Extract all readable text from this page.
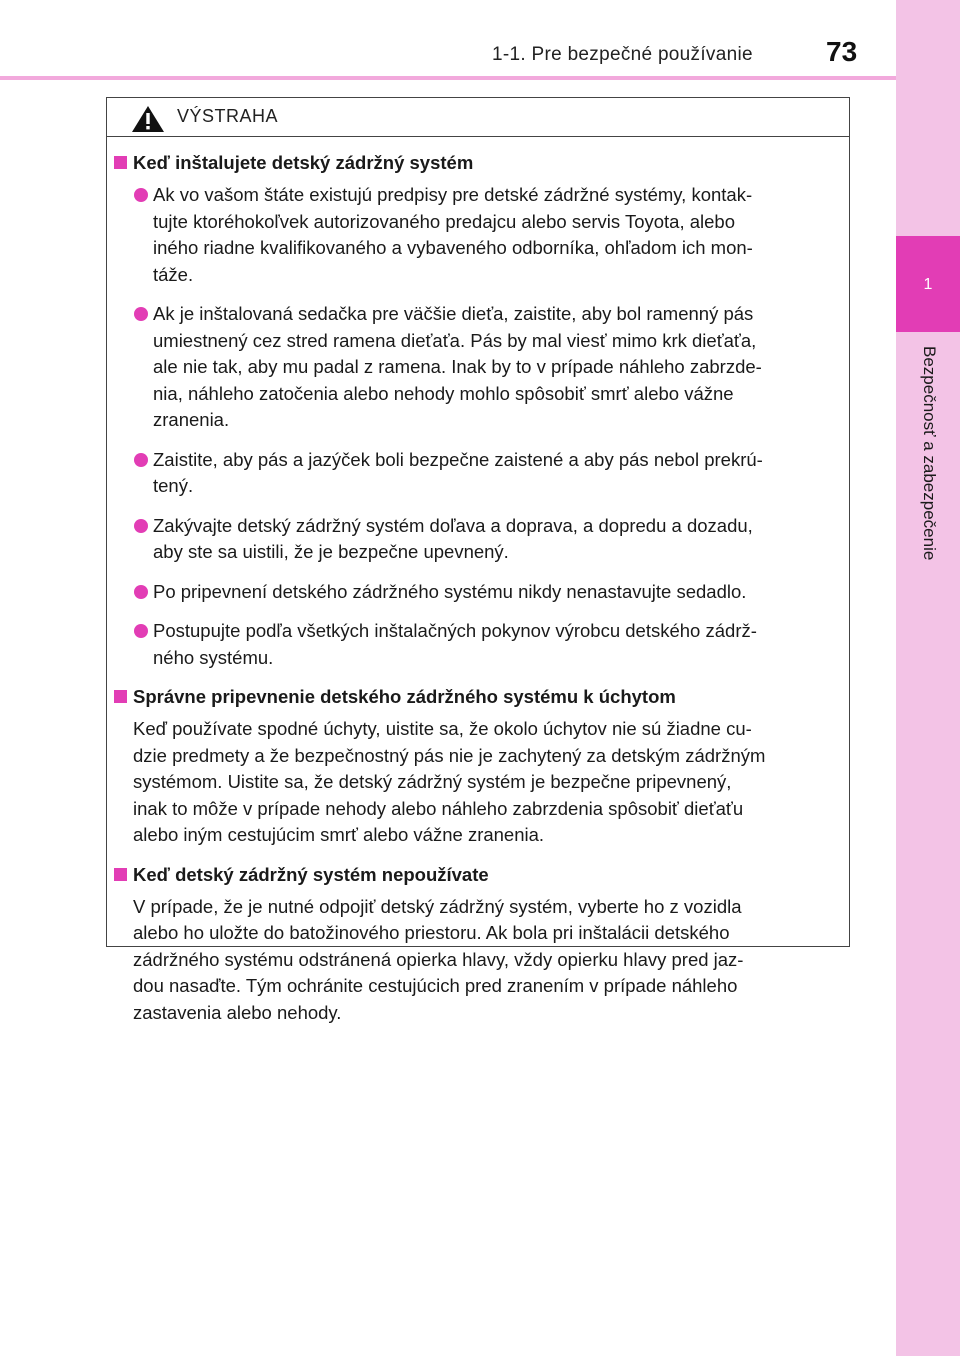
1
Bezpečnosť a zabezpečenie
1-1. Pre bezpečné používanie	73
VÝSTRAHA
Keď inštalujete detský zádržný systém
Ak vo vašom štáte existujú predpisy pre detské zádržné systémy, kontak-
tujte ktoréhokoľvek autorizovaného predajcu alebo servis Toyota, alebo
iného riadne kvalifikovaného a vybaveného odborníka, ohľadom ich mon-
táže.
Ak je inštalovaná sedačka pre väčšie dieťa, zaistite, aby bol ramenný pás
umiestnený cez stred ramena dieťaťa. Pás by mal viesť mimo krk dieťaťa,
ale nie tak, aby mu padal z ramena. Inak by to v prípade náhleho zabrzde-
nia, náhleho zatočenia alebo nehody mohlo spôsobiť smrť alebo vážne
zranenia.
Zaistite, aby pás a jazýček boli bezpečne zaistené a aby pás nebol prekrú-
tený.
Zakývajte detský zádržný systém doľava a doprava, a dopredu a dozadu,
aby ste sa uistili, že je bezpečne upevnený.
Po pripevnení detského zádržného systému nikdy nenastavujte sedadlo.
Postupujte podľa všetkých inštalačných pokynov výrobcu detského zádrž-
ného systému.
Správne pripevnenie detského zádržného systému k úchytom
Keď používate spodné úchyty, uistite sa, že okolo úchytov nie sú žiadne cu-
dzie predmety a že bezpečnostný pás nie je zachytený za detským zádržným
systémom. Uistite sa, že detský zádržný systém je bezpečne pripevnený,
inak to môže v prípade nehody alebo náhleho zabrzdenia spôsobiť dieťaťu
alebo iným cestujúcim smrť alebo vážne zranenia.
Keď detský zádržný systém nepoužívate
V prípade, že je nutné odpojiť detský zádržný systém, vyberte ho z vozidla
alebo ho uložte do batožinového priestoru. Ak bola pri inštalácii detského
zádržného systému odstránená opierka hlavy, vždy opierku hlavy pred jaz-
dou nasaďte. Tým ochránite cestujúcich pred zranením v prípade náhleho
zastavenia alebo nehody.
